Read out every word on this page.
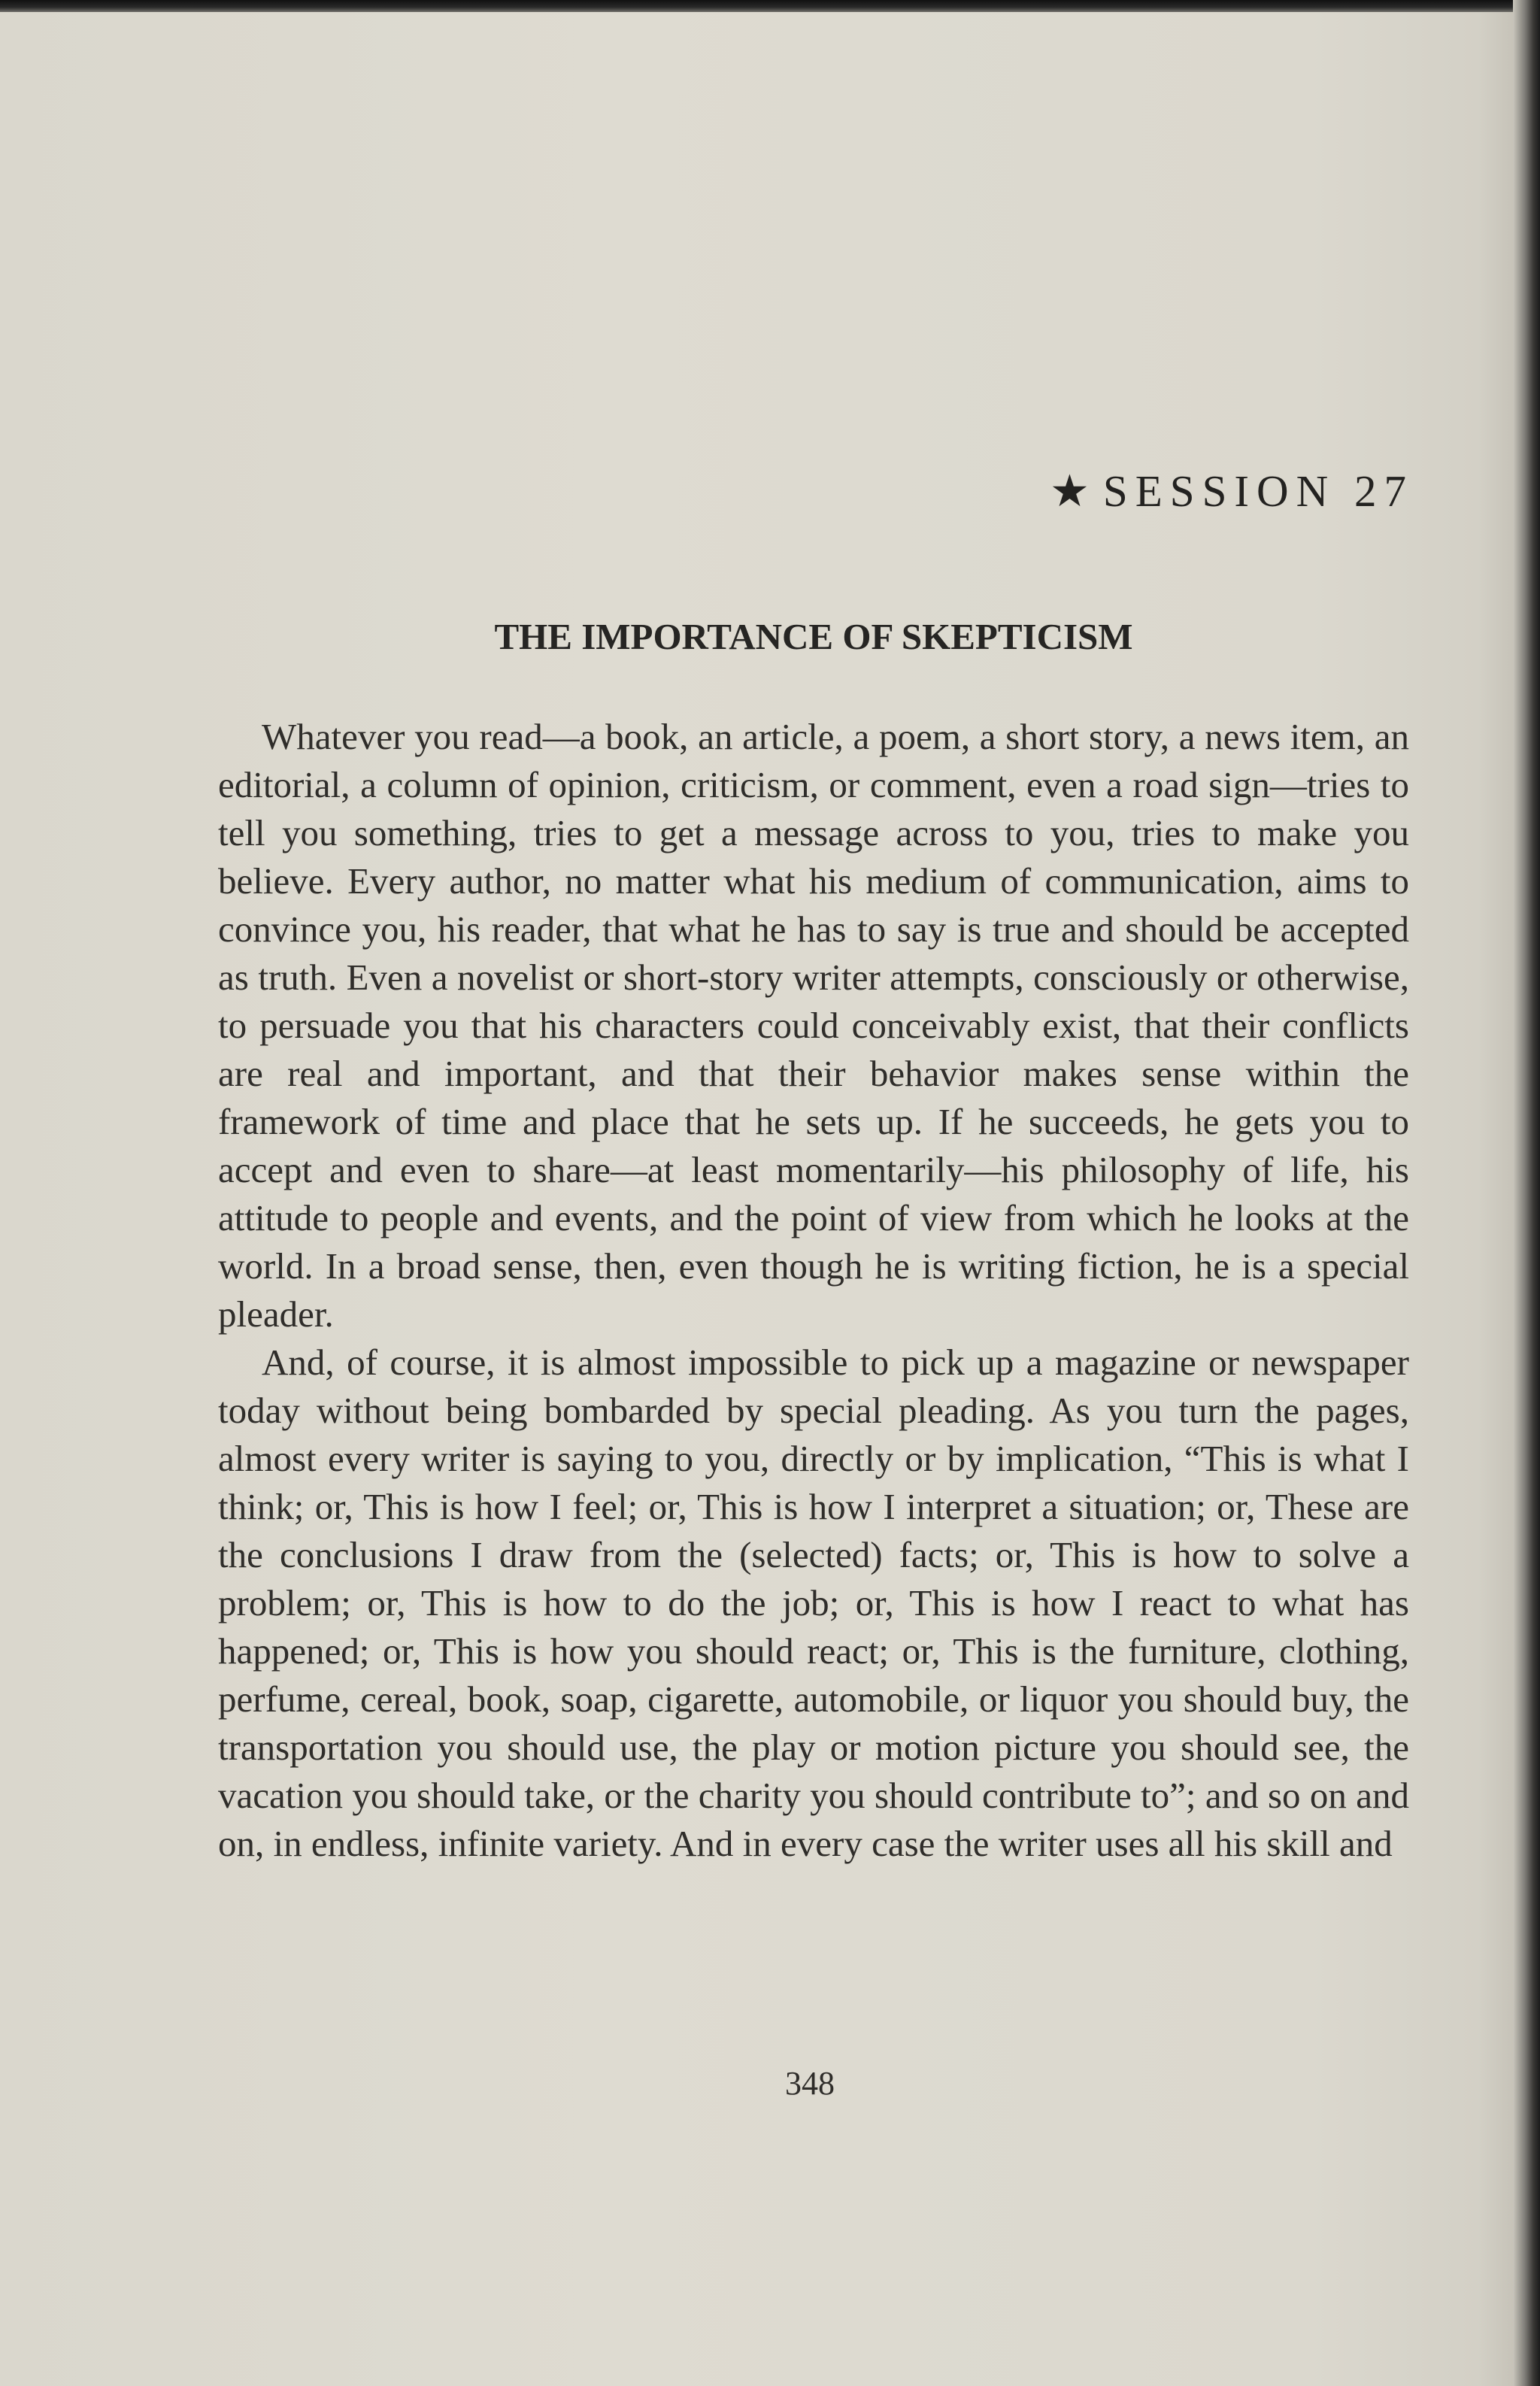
★ SESSION 27
THE IMPORTANCE OF SKEPTICISM

Whatever you read—a book, an article, a poem, a short story, a news item, an editorial, a column of opinion, criticism, or comment, even a road sign—tries to tell you something, tries to get a message across to you, tries to make you believe. Every author, no matter what his medium of communication, aims to convince you, his reader, that what he has to say is true and should be accepted as truth. Even a novelist or short-story writer attempts, consciously or otherwise, to persuade you that his characters could conceivably exist, that their conflicts are real and important, and that their behavior makes sense within the framework of time and place that he sets up. If he succeeds, he gets you to accept and even to share—at least momentarily—his philosophy of life, his attitude to people and events, and the point of view from which he looks at the world. In a broad sense, then, even though he is writing fiction, he is a special pleader.

And, of course, it is almost impossible to pick up a magazine or newspaper today without being bombarded by special pleading. As you turn the pages, almost every writer is saying to you, directly or by implication, “This is what I think; or, This is how I feel; or, This is how I interpret a situation; or, These are the conclusions I draw from the (selected) facts; or, This is how to solve a problem; or, This is how to do the job; or, This is how I react to what has happened; or, This is how you should react; or, This is the furniture, clothing, perfume, cereal, book, soap, cigarette, automobile, or liquor you should buy, the transportation you should use, the play or motion picture you should see, the vacation you should take, or the charity you should contribute to”; and so on and on, in endless, infinite variety. And in every case the writer uses all his skill and

348
